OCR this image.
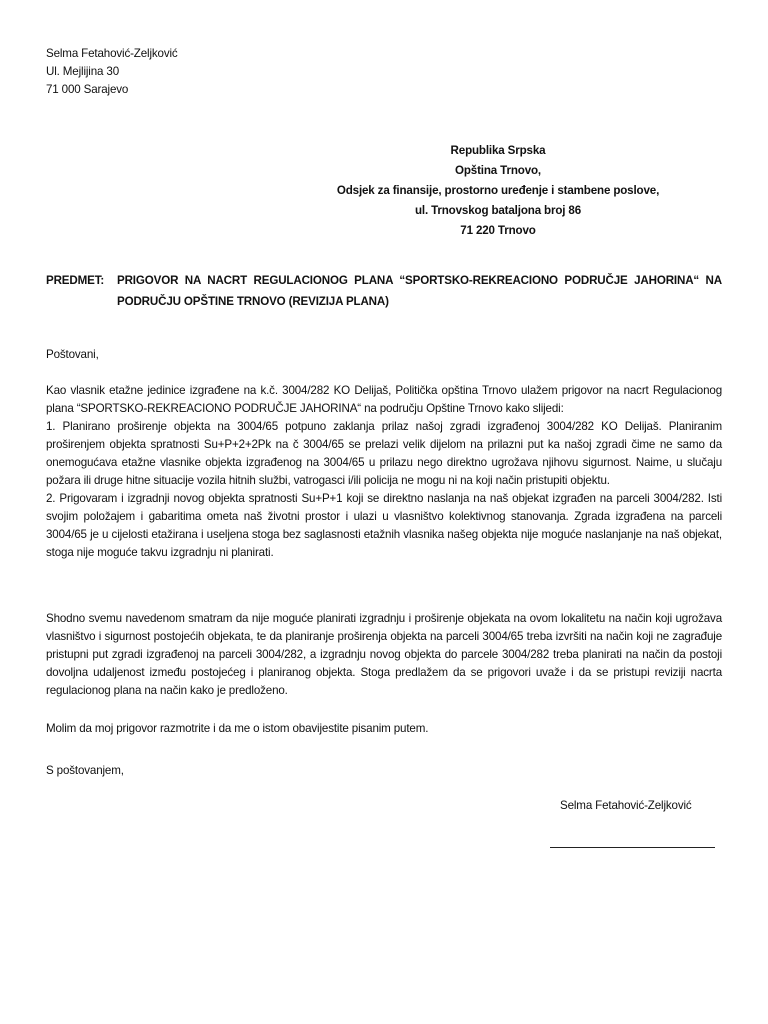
Selma Fetahović-Zeljković
Ul. Mejlijina 30
71 000 Sarajevo
Republika Srpska
Opština Trnovo,
Odsjek za finansije, prostorno uređenje i stambene poslove,
ul. Trnovskog bataljona broj 86
71 220 Trnovo
PREDMET: PRIGOVOR NA NACRT REGULACIONOG PLANA “SPORTSKO-REKREACIONO PODRUČJE JAHORINA“ NA PODRUČJU OPŠTINE TRNOVO (REVIZIJA PLANA)
Poštovani,

Kao vlasnik etažne jedinice izgrađene na k.č. 3004/282 KO Delijaš, Politička opština Trnovo ulažem prigovor na nacrt Regulacionog plana “SPORTSKO-REKREACIONO PODRUČJE JAHORINA“ na području Opštine Trnovo kako slijedi:

1. Planirano proširenje objekta na 3004/65 potpuno zaklanja prilaz našoj zgradi izgrađenoj 3004/282 KO Delijaš. Planiranim proširenjem objekta spratnosti Su+P+2+2Pk na č 3004/65 se prelazi velik dijelom na prilazni put ka našoj zgradi čime ne samo da onemogućava etažne vlasnike objekta izgrađenog na 3004/65 u prilazu nego direktno ugrožava njihovu sigurnost. Naime, u slučaju požara ili druge hitne situacije vozila hitnih službi, vatrogasci i/ili policija ne mogu ni na koji način pristupiti objektu.

2. Prigovaram i izgradnji novog objekta spratnosti Su+P+1 koji se direktno naslanja na naš objekat izgrađen na parceli 3004/282. Isti svojim položajem i gabaritima ometa naš životni prostor i ulazi u vlasništvo kolektivnog stanovanja. Zgrada izgrađena na parceli 3004/65 je u cijelosti etažirana i useljena stoga bez saglasnosti etažnih vlasnika našeg objekta nije moguće naslanjanje na naš objekat, stoga nije moguće takvu izgradnju ni planirati.

Shodno svemu navedenom smatram da nije moguće planirati izgradnju i proširenje objekata na ovom lokalitetu na način koji ugrožava vlasništvo i sigurnost postojećih objekata, te da planiranje proširenja objekta na parceli 3004/65 treba izvršiti na način koji ne zagrađuje pristupni put zgradi izgrađenoj na parceli 3004/282, a izgradnju novog objekta do parcele 3004/282 treba planirati na način da postoji dovoljna udaljenost između postojećeg i planiranog objekta. Stoga predlažem da se prigovori uvaže i da se pristupi reviziji nacrta regulacionog plana na način kako je predloženo.
Molim da moj prigovor razmotrite i da me o istom obavijestite pisanim putem.
S poštovanjem,
Selma Fetahović-Zeljković
